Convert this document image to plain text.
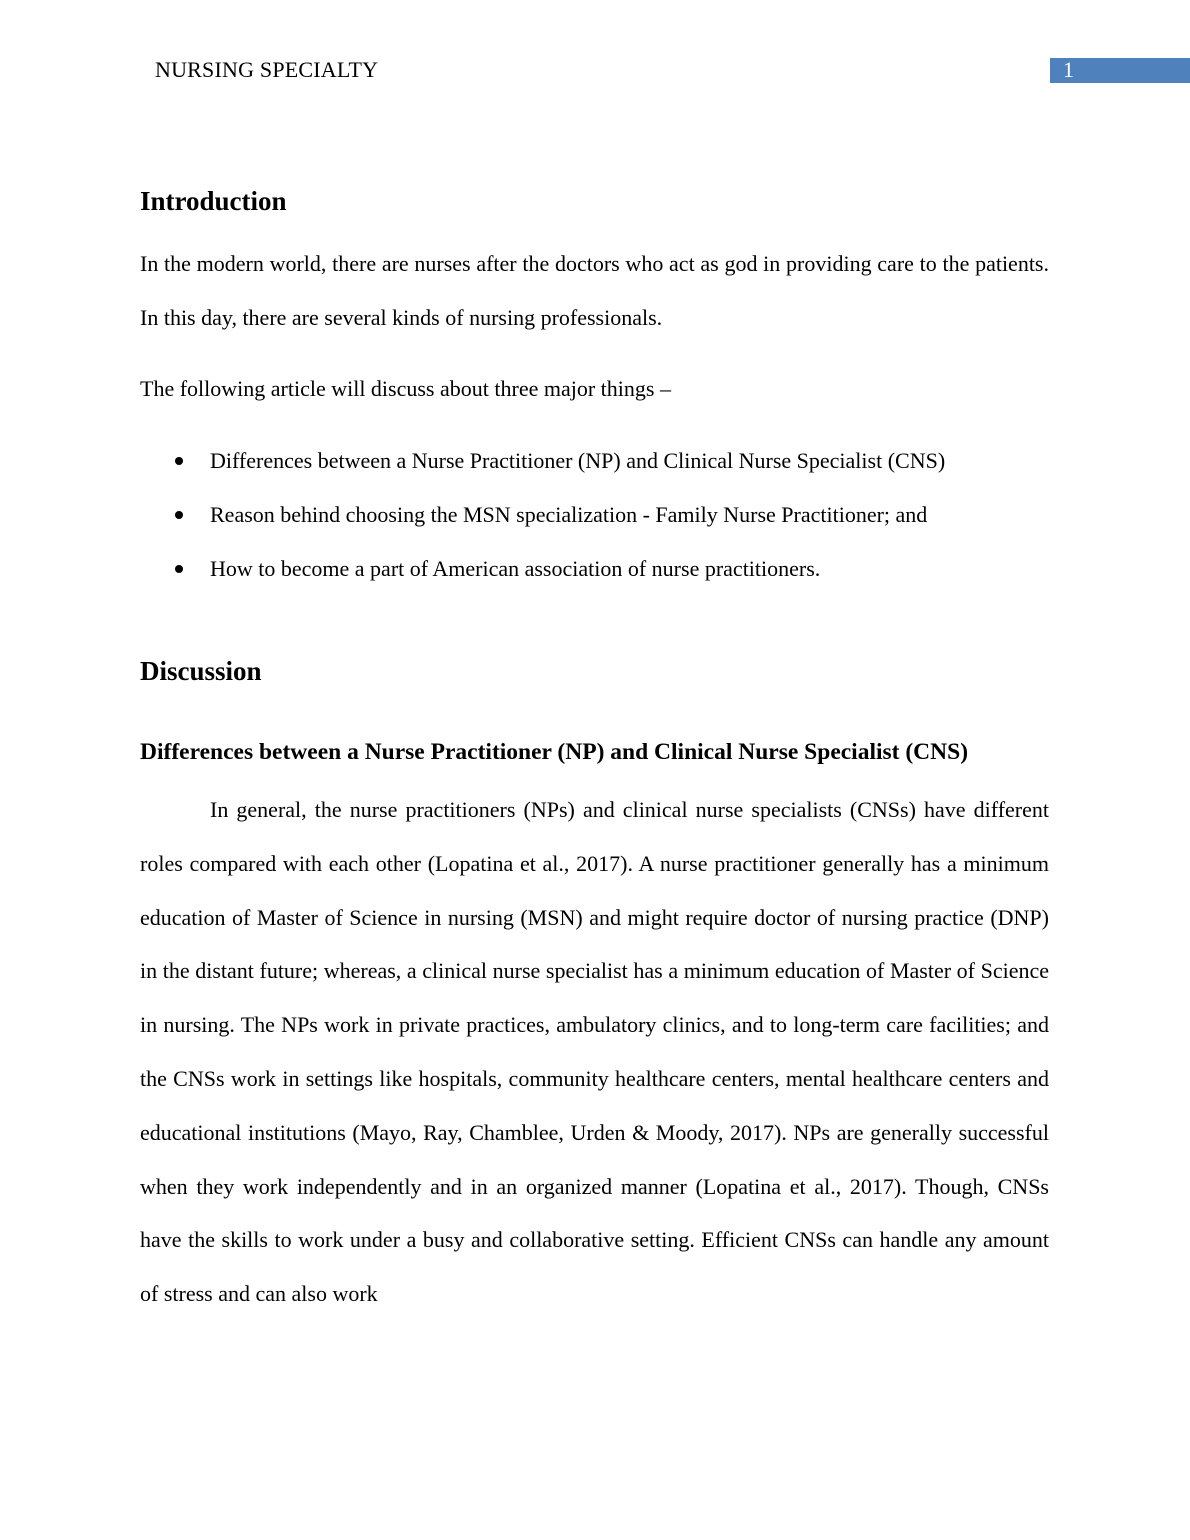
NURSING SPECIALTY	1
Introduction

In the modern world, there are nurses after the doctors who act as god in providing care to the patients. In this day, there are several kinds of nursing professionals.

The following article will discuss about three major things –

Differences between a Nurse Practitioner (NP) and Clinical Nurse Specialist (CNS)
Reason behind choosing the MSN specialization - Family Nurse Practitioner; and
How to become a part of American association of nurse practitioners.
Discussion
Differences between a Nurse Practitioner (NP) and Clinical Nurse Specialist (CNS)

In general, the nurse practitioners (NPs) and clinical nurse specialists (CNSs) have different roles compared with each other (Lopatina et al., 2017). A nurse practitioner generally has a minimum education of Master of Science in nursing (MSN) and might require doctor of nursing practice (DNP) in the distant future; whereas, a clinical nurse specialist has a minimum education of Master of Science in nursing. The NPs work in private practices, ambulatory clinics, and to long-term care facilities; and the CNSs work in settings like hospitals, community healthcare centers, mental healthcare centers and educational institutions (Mayo, Ray, Chamblee, Urden & Moody, 2017). NPs are generally successful when they work independently and in an organized manner (Lopatina et al., 2017). Though, CNSs have the skills to work under a busy and collaborative setting. Efficient CNSs can handle any amount of stress and can also work
